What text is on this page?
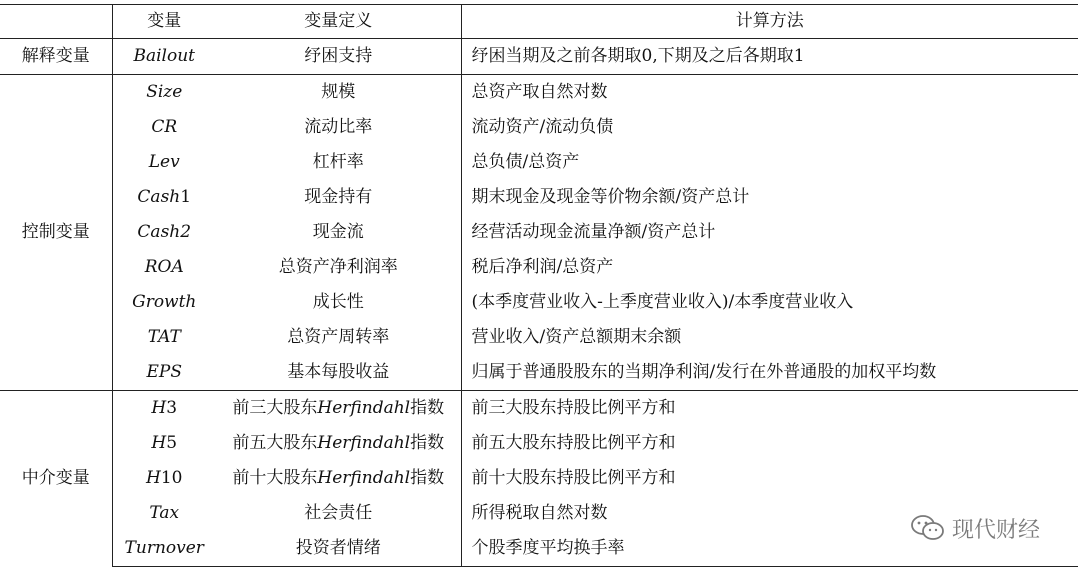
	变量	变量定义	计算方法
解释变量	Bailout	纾困支持	纾困当期及之前各期取0,下期及之后各期取1
控制变量	Size	规模	总资产取自然对数
	CR	流动比率	流动资产/流动负债
	Lev	杠杆率	总负债/总资产
	Cash1	现金持有	期末现金及现金等价物余额/资产总计
	Cash2	现金流	经营活动现金流量净额/资产总计
	ROA	总资产净利润率	税后净利润/总资产
	Growth	成长性	(本季度营业收入-上季度营业收入)/本季度营业收入
	TAT	总资产周转率	营业收入/资产总额期末余额
	EPS	基本每股收益	归属于普通股股东的当期净利润/发行在外普通股的加权平均数
中介变量	H3	前三大股东Herfindahl指数	前三大股东持股比例平方和
	H5	前五大股东Herfindahl指数	前五大股东持股比例平方和
	H10	前十大股东Herfindahl指数	前十大股东持股比例平方和
	Tax	社会责任	所得税取自然对数
	Turnover	投资者情绪	个股季度平均换手率
现代财经
